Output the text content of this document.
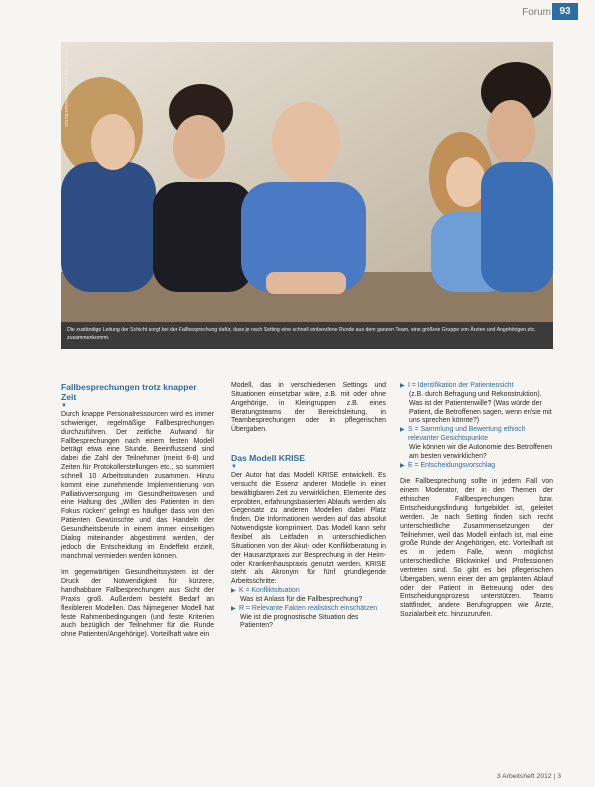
Forum 93
Foto: fotolia.com/contrastwerkstatt
Die zuständige Leitung der Schicht sorgt bei der Fallbesprechung dafür, dass je nach Setting eine schnell einberufene Runde aus dem ganzen Team, eine größere Gruppe von Ärzten und Angehörigen etc. zusammenkommt.
Fallbesprechungen trotz knapper Zeit
▼

Durch knappe Personalressourcen wird es immer schwieriger, regelmäßige Fallbesprechungen durchzuführen. Der zeitliche Aufwand für Fallbesprechungen nach einem festen Modell beträgt etwa eine Stunde. Beeinflussend sind dabei die Zahl der Teilnehmer (meist 6-8) und Zeiten für Protokollerstellungen etc., so summiert schnell 10 Arbeitsstunden zusammen. Hinzu kommt eine zunehmende Implementierung von Palliativversorgung im Gesundheitswesen und eine Haltung des „Willen des Patienten in den Fokus rücken“ gelingt es häufiger dass von den Patienten Gewünschte und das Handeln der Gesundheitsberufe in einem immer einseitigen Dialog miteinander abgestimmt werden, der jedoch die Entscheidung im Endeffekt erzielt, manchmal vermieden werden können.

Im gegenwärtigen Gesundheitssystem ist der Druck der Notwendigkeit für kürzere, handhabbare Fallbesprechungen aus Sicht der Praxis groß. Außerdem besteht Bedarf an flexibleren Modellen. Das Nijmegener Modell hat feste Rahmenbedingungen (und feste Kriterien auch bezüglich der Teilnehmer für die Runde ohne Patienten/Angehörige). Vorteilhaft wäre ein

Modell, das in verschiedenen Settings und Situationen einsetzbar wäre, z.B. mit oder ohne Angehörige, in Kleingruppen z.B. eines Beratungsteams der Bereichsleitung, in Teambesprechungen oder in pflegerischen Übergaben.

Das Modell KRISE
▼

Der Autor hat das Modell KRISE entwickelt. Es versucht die Essenz anderer Modelle in einer bewältigbaren Zeit zu verwirklichen. Elemente des erprobten, erfahrungsbasierten Ablaufs werden als Gegensatz zu anderen Modellen dabei Platz finden. Die Informationen werden auf das absolut Notwendigste komprimiert. Das Modell kann sehr flexibel als Leitfaden in unterschiedlichen Situationen von der Akut- oder Konfliktberatung in der Hausarztpraxis zur Besprechung in der Heim- oder Krankenhauspraxis genutzt werden. KRISE steht als Akronym für fünf grundlegende Arbeitsschritte:

▶ K = Konfliktsituation
Was ist Anlass für die Fallbesprechung?
▶ R = Relevante Fakten realistisch einschätzen
Wie ist die prognostische Situation des Patienten?
▶ I = Identifikation der Patientensicht
(z.B. durch Befragung und Rekonstruktion). Was ist der Patientenwille? (Was würde der Patient, die Betroffenen sagen, wenn er/sie mit uns sprechen könnte?)
▶ S = Sammlung und Bewertung ethisch relevanter Gesichtspunkte
Wie können wir die Autonomie des Betroffenen am besten verwirklichen?
▶ E = Entscheidungsvorschlag

Die Fallbesprechung sollte in jedem Fall von einem Moderator, der in den Themen der ethischen Fallbesprechungen bzw. Entscheidungsfindung fortgebildet ist, geleitet werden. Je nach Setting finden sich recht unterschiedliche Zusammensetzungen der Teilnehmer, weil das Modell einfach ist, mal eine große Runde der Angehörigen, etc. Vorteilhaft ist es in jedem Falle, wenn möglichst unterschiedliche Blickwinkel und Professionen vertreten sind. So gibt es bei pflegerischen Übergaben, wenn einer der am geplanten Ablauf oder der Patient in Betreuung oder des Entscheidungsprozess unterstützen. Teams stattfindet, andere Berufsgruppen wie Ärzte, Sozialarbeit etc. hinzuzurufen.

3 Arbeitsheft 2012 | 3
